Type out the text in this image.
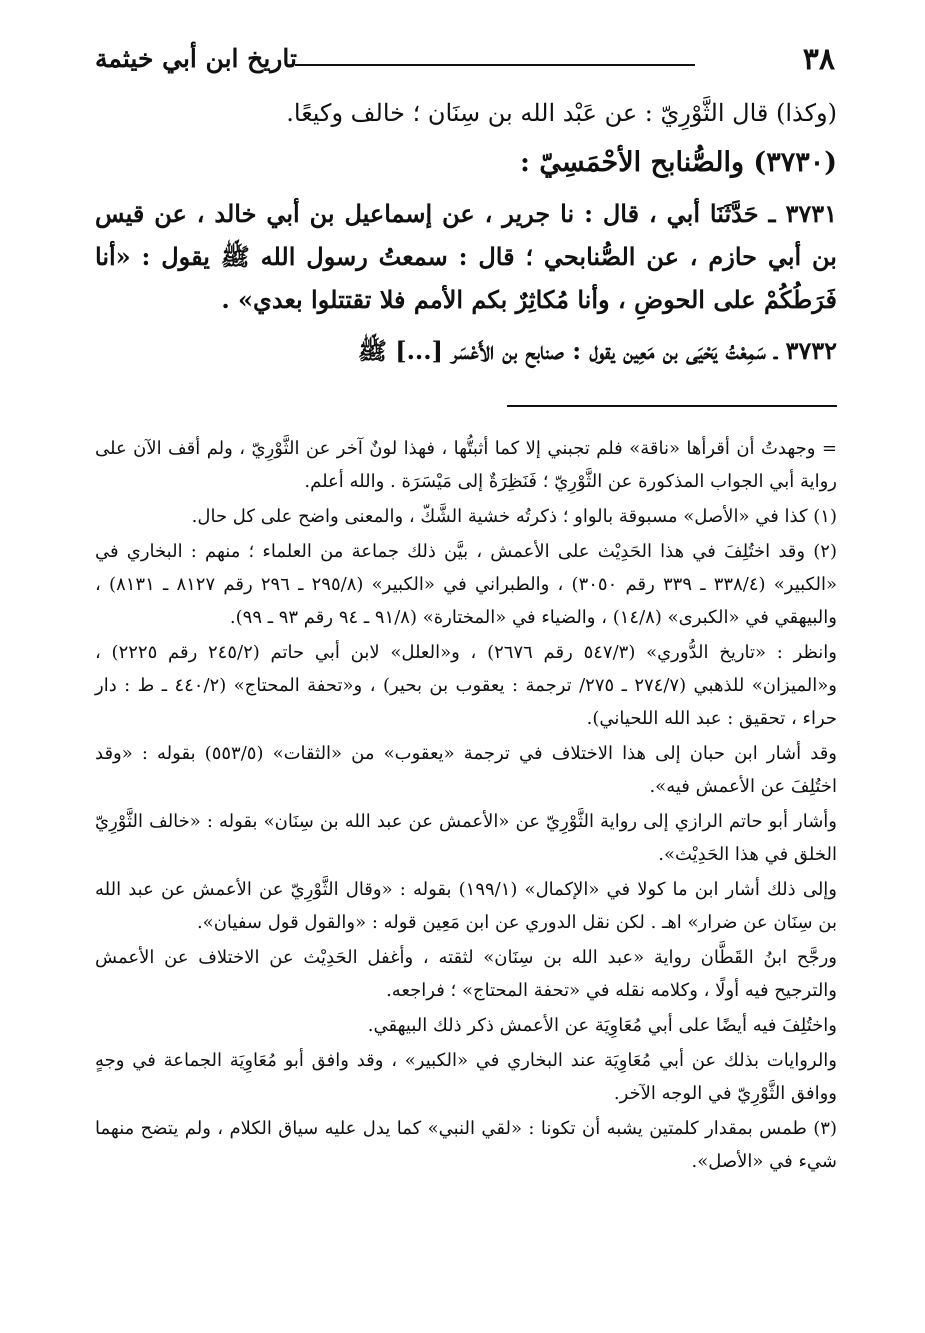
٣٨
تاريخ ابن أبي خيثمة

(وكذا) قال الثَّوْرِيّ : عن عَبْد الله بن سِنَان ؛ خالف وكيعًا.

(٣٧٣٠) والصُّنابح الأحْمَسِيّ :

٣٧٣١ ـ حَدَّثَنَا أبي ، قال : نا جرير ، عن إسماعيل بن أبي خالد ، عن قيس بن أبي حازم ، عن الصُّنابحي ؛ قال : سمعتُ رسول الله ﷺ يقول : «أنا فَرَطُكُمْ على الحوضِ ، وأنا مُكاثِرٌ بكم الأمم فلا تقتتلوا بعدي» .

٣٧٣٢ ـ سَمِعْتُ يَحْيَى بن مَعِين يقول : صنابح بن الأَعْسَر [...] ﷺ

= وجهدتُ أن أقرأها «ناقة» فلم تجبني إلا كما أثبتُّها ، فهذا لونٌ آخر عن الثَّوْرِيّ ، ولم أقف الآن على رواية أبي الجواب المذكورة عن الثَّوْرِيّ ؛ فَنَظِرَةٌ إلى مَيْسَرَة . والله أعلم.

(١) كذا في «الأصل» مسبوقة بالواو ؛ ذكرتُه خشية الشَّكّ ، والمعنى واضح على كل حال.

(٢) وقد اختُلِفَ في هذا الحَدِيْث على الأعمش ، بيَّن ذلك جماعة من العلماء ؛ منهم : البخاري في «الكبير» (٣٣٨/٤ ـ ٣٣٩ رقم ٣٠٥٠) ، والطبراني في «الكبير» (٢٩٥/٨ ـ ٢٩٦ رقم ٨١٢٧ ـ ٨١٣١) ، والبيهقي في «الكبرى» (١٤/٨) ، والضياء في «المختارة» (٩١/٨ ـ ٩٤ رقم ٩٣ ـ ٩٩).

وانظر : «تاريخ الدُّوري» (٥٤٧/٣ رقم ٢٦٧٦) ، و«العلل» لابن أبي حاتم (٢٤٥/٢ رقم ٢٢٢٥) ، و«الميزان» للذهبي (٢٧٤/٧ ـ ٢٧٥/ ترجمة : يعقوب بن بحير) ، و«تحفة المحتاج» (٤٤٠/٢ ـ ط : دار حراء ، تحقيق : عبد الله اللحياني).

وقد أشار ابن حبان إلى هذا الاختلاف في ترجمة «يعقوب» من «الثقات» (٥٥٣/٥) بقوله : «وقد اختُلِفَ عن الأعمش فيه».

وأشار أبو حاتم الرازي إلى رواية الثَّوْرِيّ عن «الأعمش عن عبد الله بن سِنَان» بقوله : «خالف الثَّوْرِيّ الخلق في هذا الحَدِيْث».

وإلى ذلك أشار ابن ما كولا في «الإكمال» (١٩٩/١) بقوله : «وقال الثَّوْرِيّ عن الأعمش عن عبد الله بن سِنَان عن ضرار» اهـ . لكن نقل الدوري عن ابن مَعِين قوله : «والقول قول سفيان».

ورجَّح ابنُ القَطَّان رواية «عبد الله بن سِنَان» لثقته ، وأغفل الحَدِيْث عن الاختلاف عن الأعمش والترجيح فيه أولًا ، وكلامه نقله في «تحفة المحتاج» ؛ فراجعه.

واختُلِفَ فيه أيضًا على أبي مُعَاوِيَة عن الأعمش ذكر ذلك البيهقي.

والروايات بذلك عن أبي مُعَاوِيَة عند البخاري في «الكبير» ، وقد وافق أبو مُعَاوِيَة الجماعة في وجهٍ ووافق الثَّوْرِيّ في الوجه الآخر.

(٣) طمس بمقدار كلمتين يشبه أن تكونا : «لقي النبي» كما يدل عليه سياق الكلام ، ولم يتضح منهما شيء في «الأصل».
